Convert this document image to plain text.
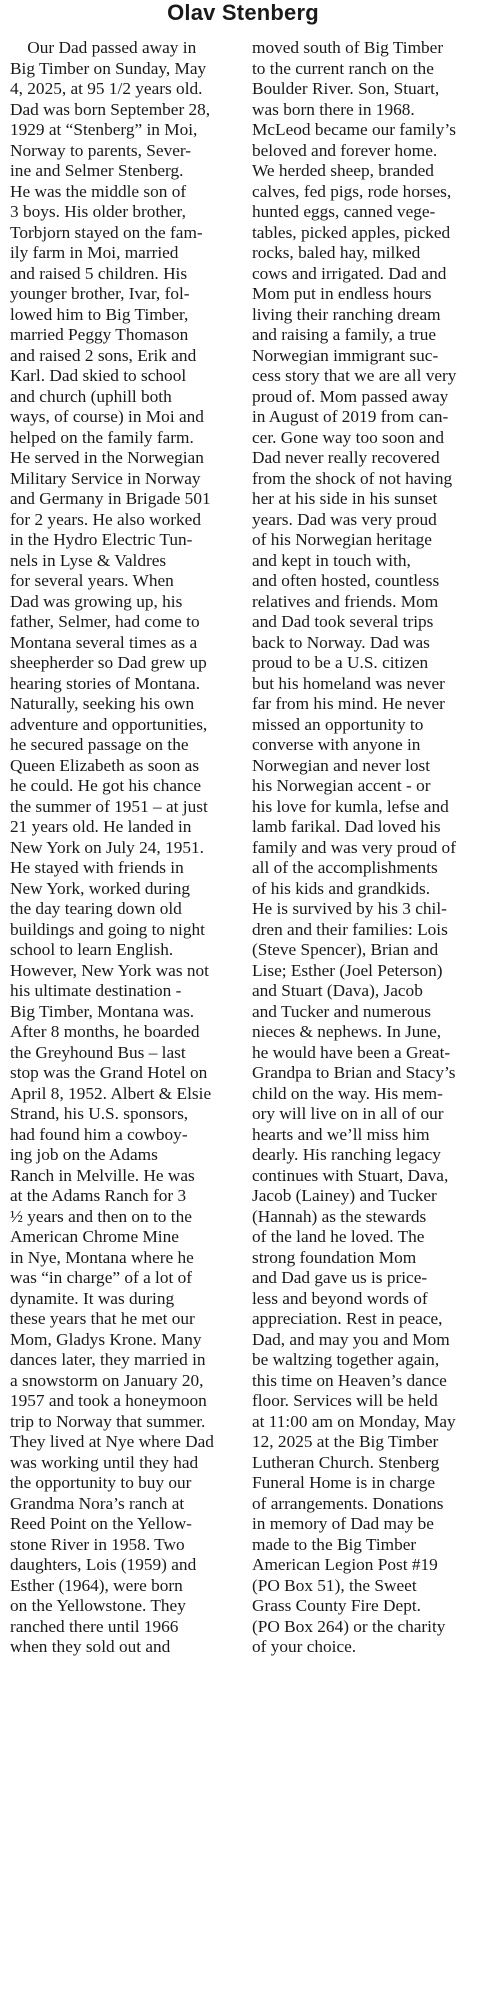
Olav Stenberg
Our Dad passed away in
Big Timber on Sunday, May
4, 2025, at 95 1/2 years old.
Dad was born September 28,
1929 at “Stenberg” in Moi,
Norway to parents, Sever-
ine and Selmer Stenberg.
He was the middle son of
3 boys. His older brother,
Torbjorn stayed on the fam-
ily farm in Moi, married
and raised 5 children. His
younger brother, Ivar, fol-
lowed him to Big Timber,
married Peggy Thomason
and raised 2 sons, Erik and
Karl. Dad skied to school
and church (uphill both
ways, of course) in Moi and
helped on the family farm.
He served in the Norwegian
Military Service in Norway
and Germany in Brigade 501
for 2 years. He also worked
in the Hydro Electric Tun-
nels in Lyse & Valdres
for several years. When
Dad was growing up, his
father, Selmer, had come to
Montana several times as a
sheepherder so Dad grew up
hearing stories of Montana.
Naturally, seeking his own
adventure and opportunities,
he secured passage on the
Queen Elizabeth as soon as
he could. He got his chance
the summer of 1951 – at just
21 years old. He landed in
New York on July 24, 1951.
He stayed with friends in
New York, worked during
the day tearing down old
buildings and going to night
school to learn English.
However, New York was not
his ultimate destination -
Big Timber, Montana was.
After 8 months, he boarded
the Greyhound Bus – last
stop was the Grand Hotel on
April 8, 1952. Albert & Elsie
Strand, his U.S. sponsors,
had found him a cowboy-
ing job on the Adams
Ranch in Melville. He was
at the Adams Ranch for 3
½ years and then on to the
American Chrome Mine
in Nye, Montana where he
was “in charge” of a lot of
dynamite. It was during
these years that he met our
Mom, Gladys Krone. Many
dances later, they married in
a snowstorm on January 20,
1957 and took a honeymoon
trip to Norway that summer.
They lived at Nye where Dad
was working until they had
the opportunity to buy our
Grandma Nora’s ranch at
Reed Point on the Yellow-
stone River in 1958. Two
daughters, Lois (1959) and
Esther (1964), were born
on the Yellowstone. They
ranched there until 1966
when they sold out and
moved south of Big Timber
to the current ranch on the
Boulder River. Son, Stuart,
was born there in 1968.
McLeod became our family’s
beloved and forever home.
We herded sheep, branded
calves, fed pigs, rode horses,
hunted eggs, canned vege-
tables, picked apples, picked
rocks, baled hay, milked
cows and irrigated. Dad and
Mom put in endless hours
living their ranching dream
and raising a family, a true
Norwegian immigrant suc-
cess story that we are all very
proud of. Mom passed away
in August of 2019 from can-
cer. Gone way too soon and
Dad never really recovered
from the shock of not having
her at his side in his sunset
years. Dad was very proud
of his Norwegian heritage
and kept in touch with,
and often hosted, countless
relatives and friends. Mom
and Dad took several trips
back to Norway. Dad was
proud to be a U.S. citizen
but his homeland was never
far from his mind. He never
missed an opportunity to
converse with anyone in
Norwegian and never lost
his Norwegian accent - or
his love for kumla, lefse and
lamb farikal. Dad loved his
family and was very proud of
all of the accomplishments
of his kids and grandkids.
He is survived by his 3 chil-
dren and their families: Lois
(Steve Spencer), Brian and
Lise; Esther (Joel Peterson)
and Stuart (Dava), Jacob
and Tucker and numerous
nieces & nephews. In June,
he would have been a Great-
Grandpa to Brian and Stacy’s
child on the way. His mem-
ory will live on in all of our
hearts and we’ll miss him
dearly. His ranching legacy
continues with Stuart, Dava,
Jacob (Lainey) and Tucker
(Hannah) as the stewards
of the land he loved. The
strong foundation Mom
and Dad gave us is price-
less and beyond words of
appreciation. Rest in peace,
Dad, and may you and Mom
be waltzing together again,
this time on Heaven’s dance
floor. Services will be held
at 11:00 am on Monday, May
12, 2025 at the Big Timber
Lutheran Church. Stenberg
Funeral Home is in charge
of arrangements. Donations
in memory of Dad may be
made to the Big Timber
American Legion Post #19
(PO Box 51), the Sweet
Grass County Fire Dept.
(PO Box 264) or the charity
of your choice.
